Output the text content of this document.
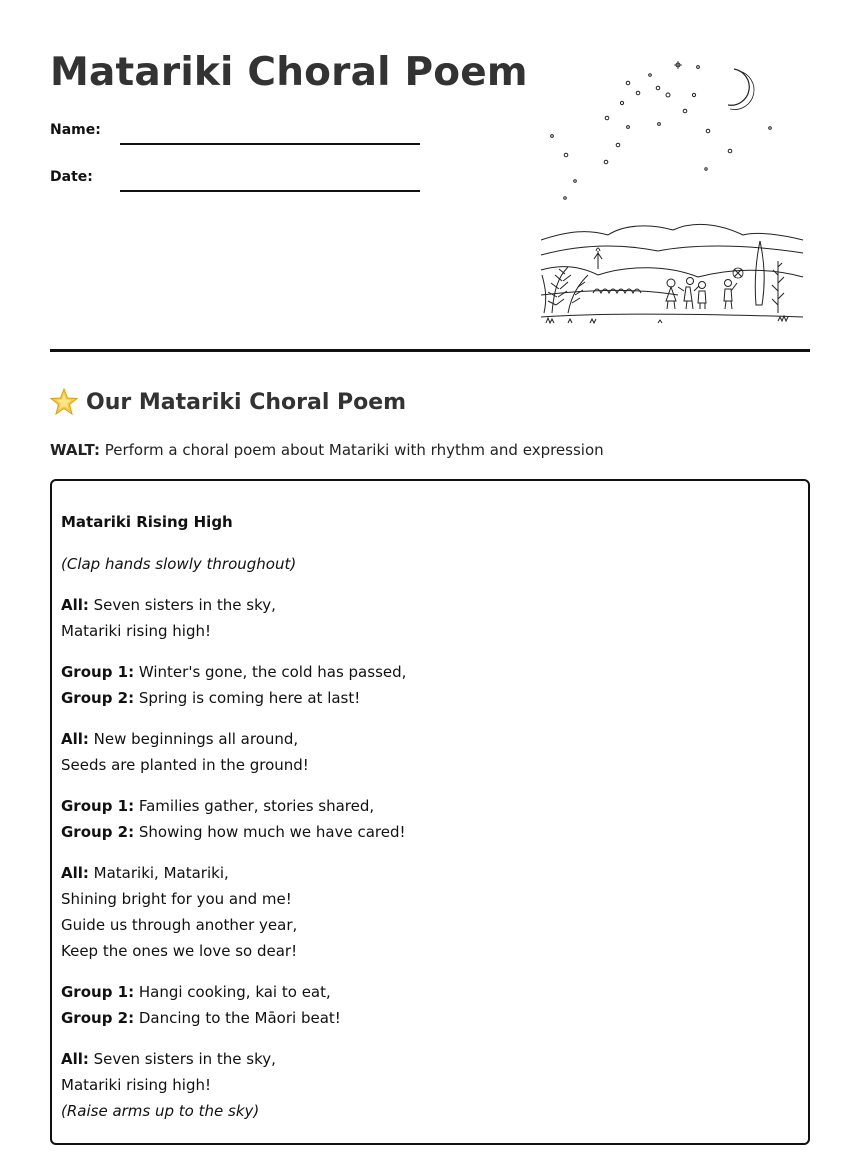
Matariki Choral Poem
Name:
Date:
Our Matariki Choral Poem
WALT: Perform a choral poem about Matariki with rhythm and expression
Matariki Rising High
(Clap hands slowly throughout)
All: Seven sisters in the sky,
Matariki rising high!
Group 1: Winter's gone, the cold has passed,
Group 2: Spring is coming here at last!
All: New beginnings all around,
Seeds are planted in the ground!
Group 1: Families gather, stories shared,
Group 2: Showing how much we have cared!
All: Matariki, Matariki,
Shining bright for you and me!
Guide us through another year,
Keep the ones we love so dear!
Group 1: Hangi cooking, kai to eat,
Group 2: Dancing to the Māori beat!
All: Seven sisters in the sky,
Matariki rising high!
(Raise arms up to the sky)
